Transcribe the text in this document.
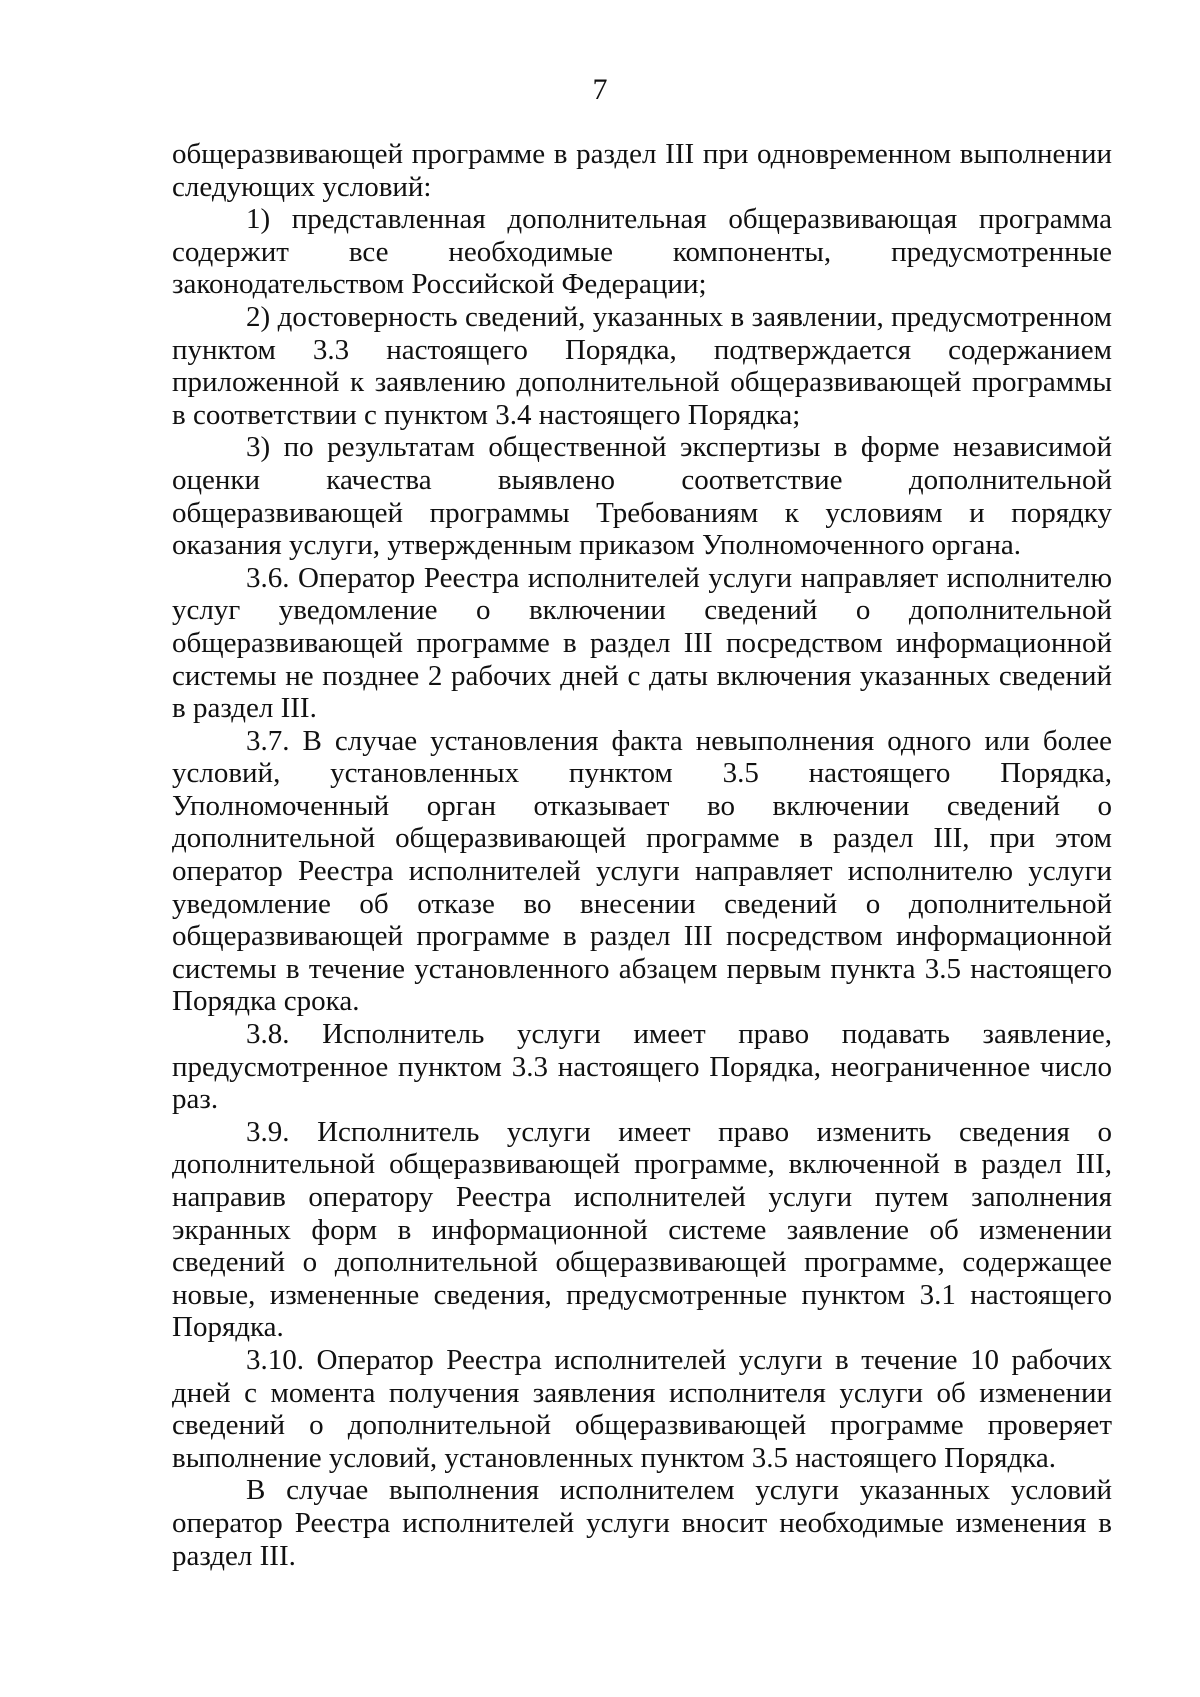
7

общеразвивающей программе в раздел III при одновременном выполнении следующих условий:

1) представленная дополнительная общеразвивающая программа содержит все необходимые компоненты, предусмотренные законодательством Российской Федерации;

2) достоверность сведений, указанных в заявлении, предусмотренном пунктом 3.3 настоящего Порядка, подтверждается содержанием приложенной к заявлению дополнительной общеразвивающей программы в соответствии с пунктом 3.4 настоящего Порядка;

3) по результатам общественной экспертизы в форме независимой оценки качества выявлено соответствие дополнительной общеразвивающей программы Требованиям к условиям и порядку оказания услуги, утвержденным приказом Уполномоченного органа.

3.6. Оператор Реестра исполнителей услуги направляет исполнителю услуг уведомление о включении сведений о дополнительной общеразвивающей программе в раздел III посредством информационной системы не позднее 2 рабочих дней с даты включения указанных сведений в раздел III.

3.7. В случае установления факта невыполнения одного или более условий, установленных пунктом 3.5 настоящего Порядка, Уполномоченный орган отказывает во включении сведений о дополнительной общеразвивающей программе в раздел III, при этом оператор Реестра исполнителей услуги направляет исполнителю услуги уведомление об отказе во внесении сведений о дополнительной общеразвивающей программе в раздел III посредством информационной системы в течение установленного абзацем первым пункта 3.5 настоящего Порядка срока.

3.8. Исполнитель услуги имеет право подавать заявление, предусмотренное пунктом 3.3 настоящего Порядка, неограниченное число раз.

3.9. Исполнитель услуги имеет право изменить сведения о дополнительной общеразвивающей программе, включенной в раздел III, направив оператору Реестра исполнителей услуги путем заполнения экранных форм в информационной системе заявление об изменении сведений о дополнительной общеразвивающей программе, содержащее новые, измененные сведения, предусмотренные пунктом 3.1 настоящего Порядка.

3.10. Оператор Реестра исполнителей услуги в течение 10 рабочих дней с момента получения заявления исполнителя услуги об изменении сведений о дополнительной общеразвивающей программе проверяет выполнение условий, установленных пунктом 3.5 настоящего Порядка.

В случае выполнения исполнителем услуги указанных условий оператор Реестра исполнителей услуги вносит необходимые изменения в раздел III.
